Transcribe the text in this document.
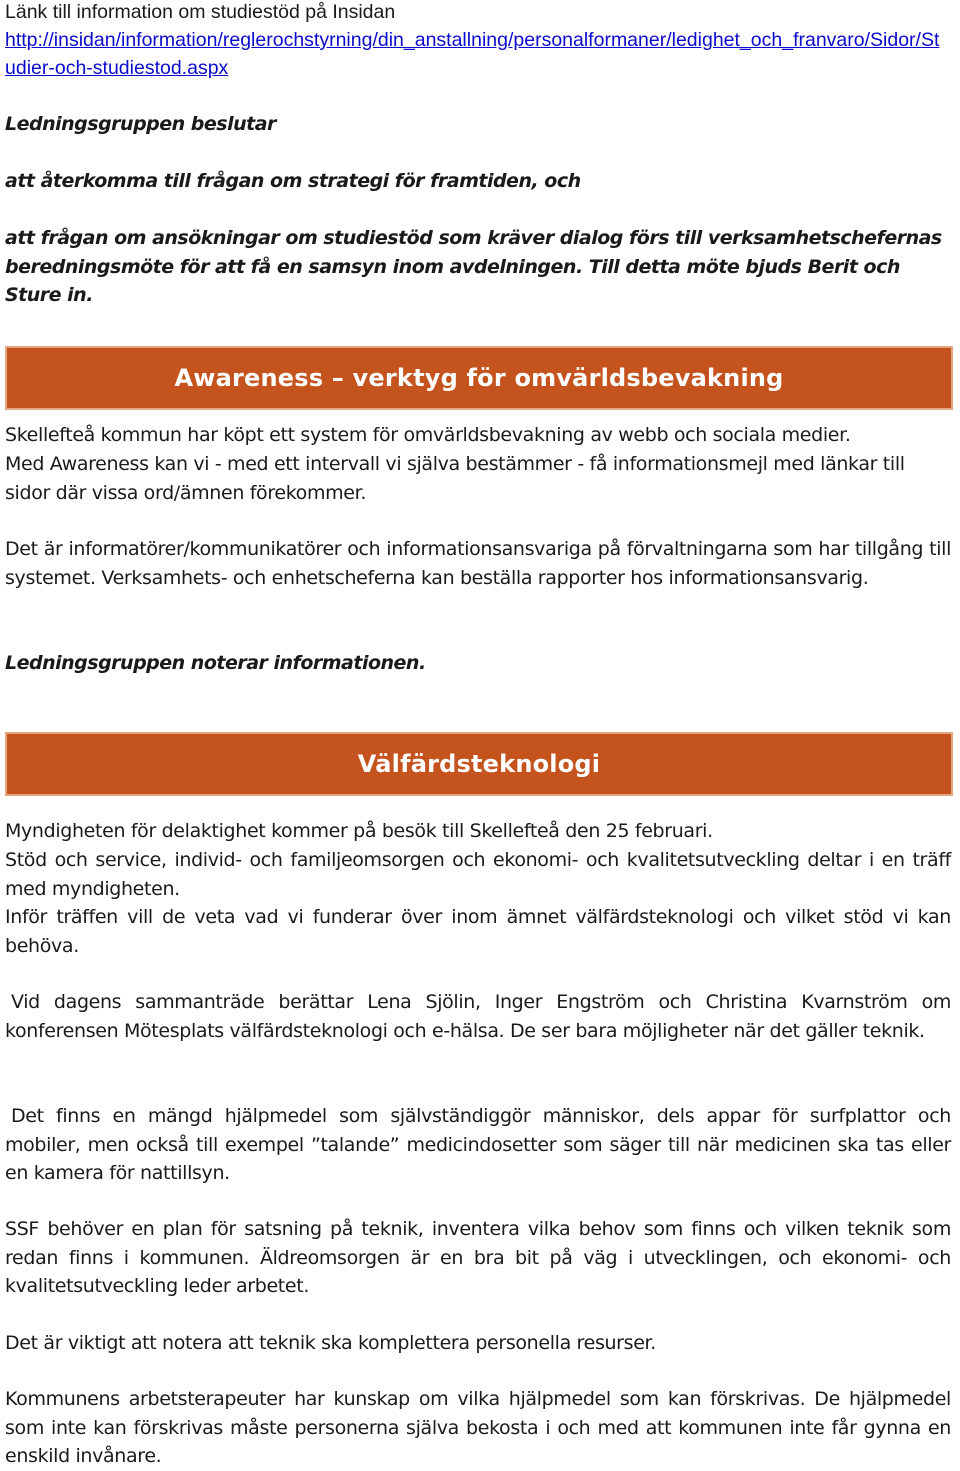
Länk till information om studiestöd på Insidan

http://insidan/information/reglerochstyrning/din_anstallning/personalformaner/ledighet_och_franvaro/Sidor/Studier-och-studiestod.aspx

Ledningsgruppen beslutar

att återkomma till frågan om strategi för framtiden, och

att frågan om ansökningar om studiestöd som kräver dialog förs till verksamhetschefernas beredningsmöte för att få en samsyn inom avdelningen. Till detta möte bjuds Berit och Sture in.

Awareness – verktyg för omvärldsbevakning

Skellefteå kommun har köpt ett system för omvärldsbevakning av webb och sociala medier.

Med Awareness kan vi - med ett intervall vi själva bestämmer - få informationsmejl med länkar till sidor där vissa ord/ämnen förekommer.

Det är informatörer/kommunikatörer och informationsansvariga på förvaltningarna som har tillgång till systemet. Verksamhets- och enhetscheferna kan beställa rapporter hos informationsansvarig.

Ledningsgruppen noterar informationen.

Välfärdsteknologi

Myndigheten för delaktighet kommer på besök till Skellefteå den 25 februari.

Stöd och service, individ- och familjeomsorgen och ekonomi- och kvalitetsutveckling deltar i en träff med myndigheten.

Inför träffen vill de veta vad vi funderar över inom ämnet välfärdsteknologi och vilket stöd vi kan behöva.

Vid dagens sammanträde berättar Lena Sjölin, Inger Engström och Christina Kvarnström om konferensen Mötesplats välfärdsteknologi och e-hälsa. De ser bara möjligheter när det gäller teknik.

Det finns en mängd hjälpmedel som självständiggör människor, dels appar för surfplattor och mobiler, men också till exempel ”talande” medicindosetter som säger till när medicinen ska tas eller en kamera för nattillsyn.

SSF behöver en plan för satsning på teknik, inventera vilka behov som finns och vilken teknik som redan finns i kommunen. Äldreomsorgen är en bra bit på väg i utvecklingen, och ekonomi- och kvalitetsutveckling leder arbetet.

Det är viktigt att notera att teknik ska komplettera personella resurser.

Kommunens arbetsterapeuter har kunskap om vilka hjälpmedel som kan förskrivas. De hjälpmedel som inte kan förskrivas måste personerna själva bekosta i och med att kommunen inte får gynna en enskild invånare.
